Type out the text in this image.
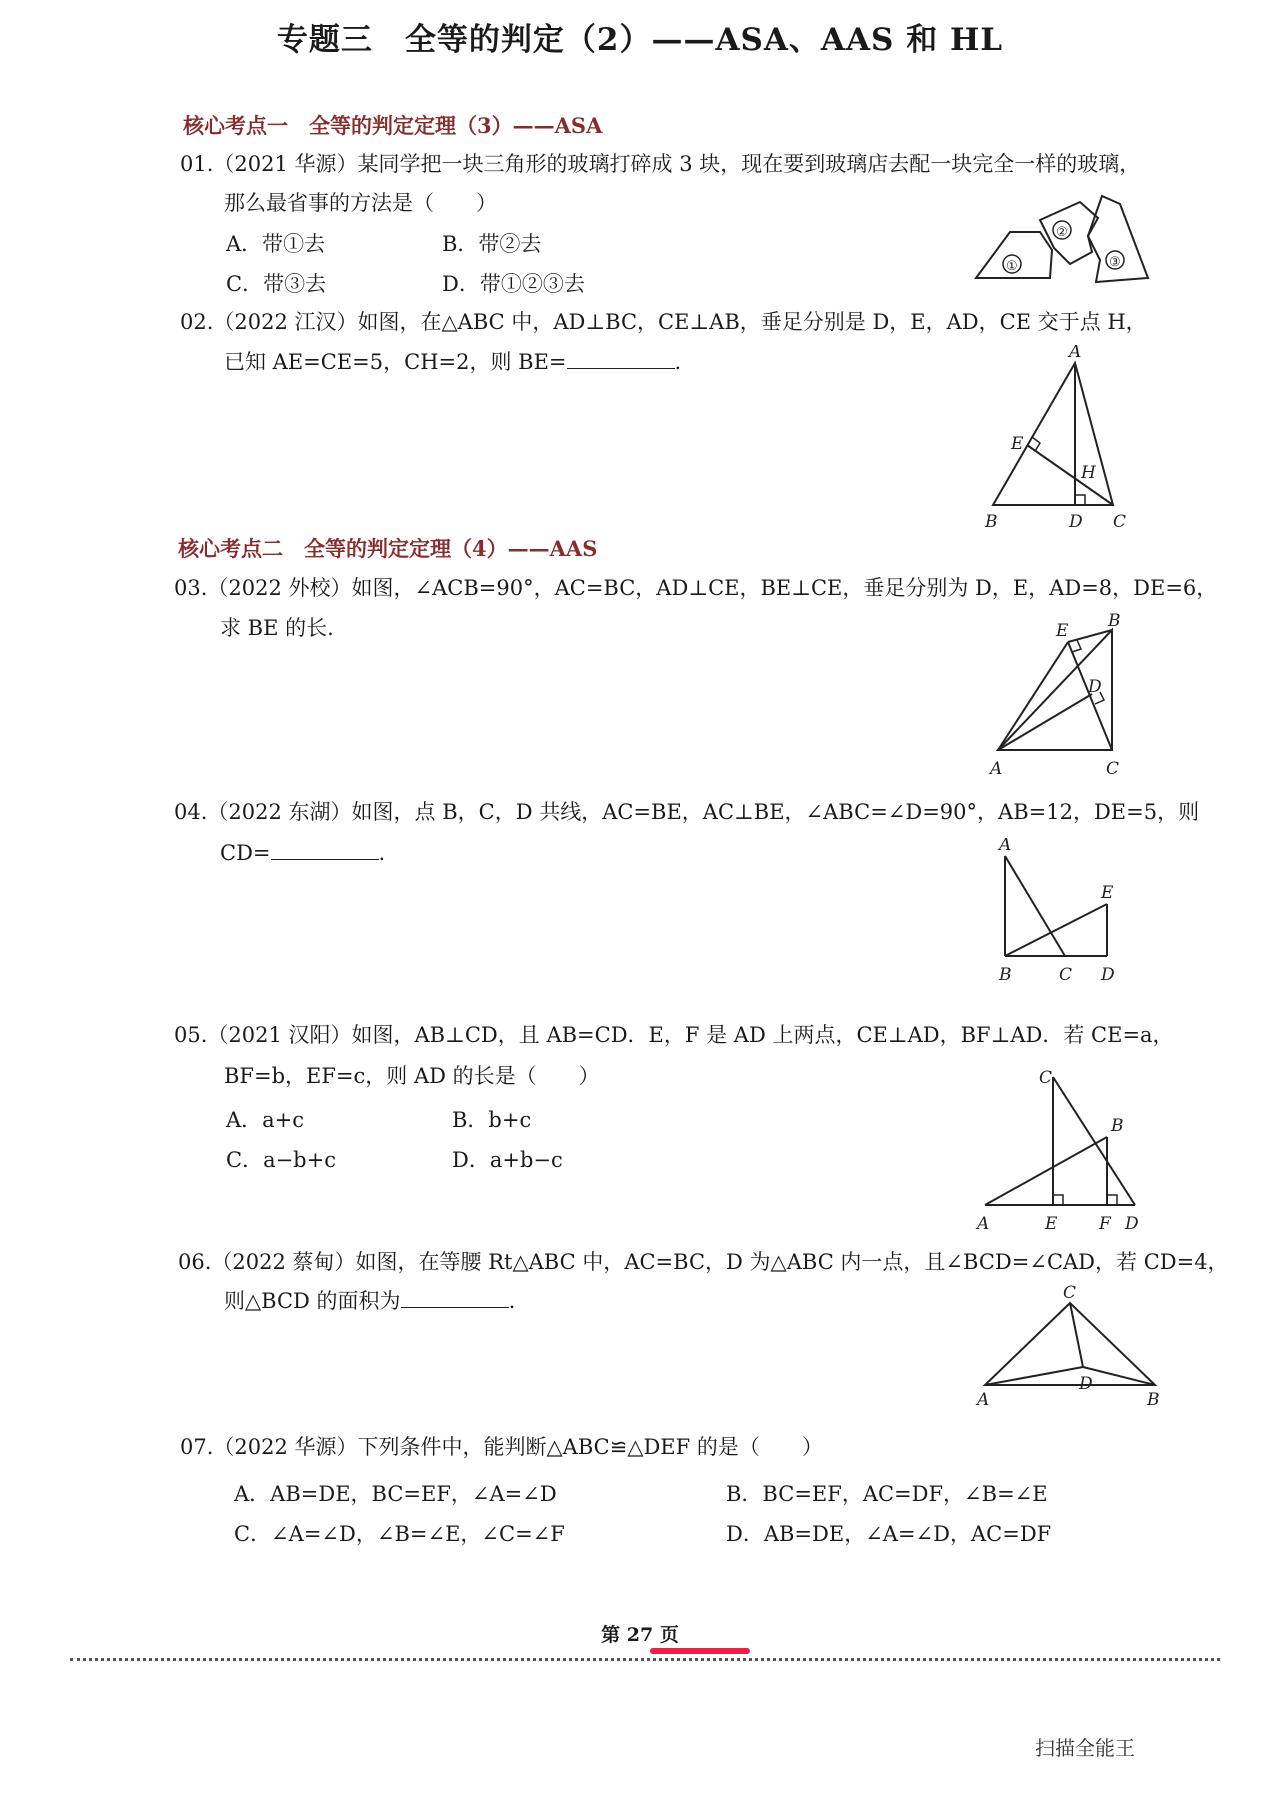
专题三　全等的判定（2）——ASA、AAS 和 HL
核心考点一　全等的判定定理（3）——ASA
01.（2021 华源）某同学把一块三角形的玻璃打碎成 3 块，现在要到玻璃店去配一块完全一样的玻璃，
那么最省事的方法是（　　）
A．带①去	B．带②去
C．带③去	D．带①②③去
①
②
③
02.（2022 江汉）如图，在△ABC 中，AD⊥BC，CE⊥AB，垂足分别是 D，E，AD，CE 交于点 H，
已知 AE=CE=5，CH=2，则 BE=	.	A
B	C
D
E
H
核心考点二　全等的判定定理（4）——AAS
03.（2022 外校）如图，∠ACB=90°，AC=BC，AD⊥CE，BE⊥CE，垂足分别为 D，E，AD=8，DE=6，
求 BE 的长.
A
B
C
D
E
04.（2022 东湖）如图，点 B，C，D 共线，AC=BE，AC⊥BE，∠ABC=∠D=90°，AB=12，DE=5，则
CD=	.	A
B	C D
E
05.（2021 汉阳）如图，AB⊥CD，且 AB=CD．E，F 是 AD 上两点，CE⊥AD，BF⊥AD．若 CE=a，
BF=b，EF=c，则 AD 的长是（　　）
A．a+c	B．b+c
C．a−b+c	D．a+b−c
C
B
A	E F D
06.（2022 蔡甸）如图，在等腰 Rt△ABC 中，AC=BC，D 为△ABC 内一点，且∠BCD=∠CAD，若 CD=4，
则△BCD 的面积为	.	C
A	B
D
07.（2022 华源）下列条件中，能判断△ABC≌△DEF 的是（　　）
A．AB=DE，BC=EF，∠A=∠D	B．BC=EF，AC=DF，∠B=∠E
C．∠A=∠D，∠B=∠E，∠C=∠F	D．AB=DE，∠A=∠D，AC=DF
第 27 页
扫描全能王
